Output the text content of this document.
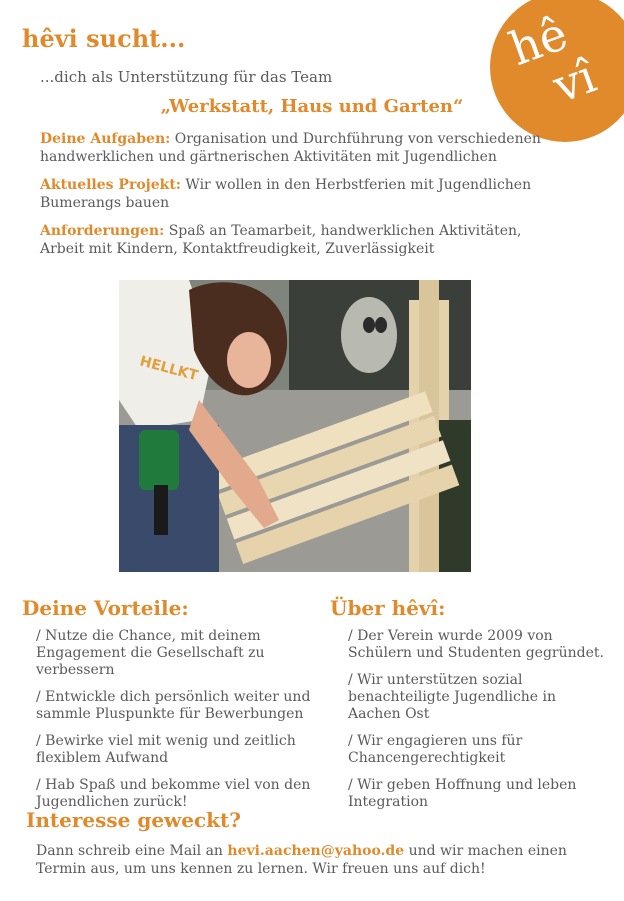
hê
vî
hêvi sucht...

...dich als Unterstützung für das Team

„Werkstatt, Haus und Garten“

Deine Aufgaben: Organisation und Durchführung von verschiedenen handwerklichen und gärtnerischen Aktivitäten mit Jugendlichen

Aktuelles Projekt: Wir wollen in den Herbstferien mit Jugendlichen Bumerangs bauen

Anforderungen: Spaß an Teamarbeit, handwerklichen Aktivitäten, Arbeit mit Kindern, Kontaktfreudigkeit, Zuverlässigkeit

HELLKT
Deine Vorteile:
/ Nutze die Chance, mit deinem Engagement die Gesellschaft zu verbessern
/ Entwickle dich persönlich weiter und sammle Pluspunkte für Bewerbungen
/ Bewirke viel mit wenig und zeitlich flexiblem Aufwand
/ Hab Spaß und bekomme viel von den Jugendlichen zurück!
Über hêvî:
/ Der Verein wurde 2009 von Schülern und Studenten gegründet.
/ Wir unterstützen sozial benachteiligte Jugendliche in Aachen Ost
/ Wir engagieren uns für Chancengerechtigkeit
/ Wir geben Hoffnung und leben Integration
Interesse geweckt?

Dann schreib eine Mail an hevi.aachen@yahoo.de und wir machen einen Termin aus, um uns kennen zu lernen. Wir freuen uns auf dich!
